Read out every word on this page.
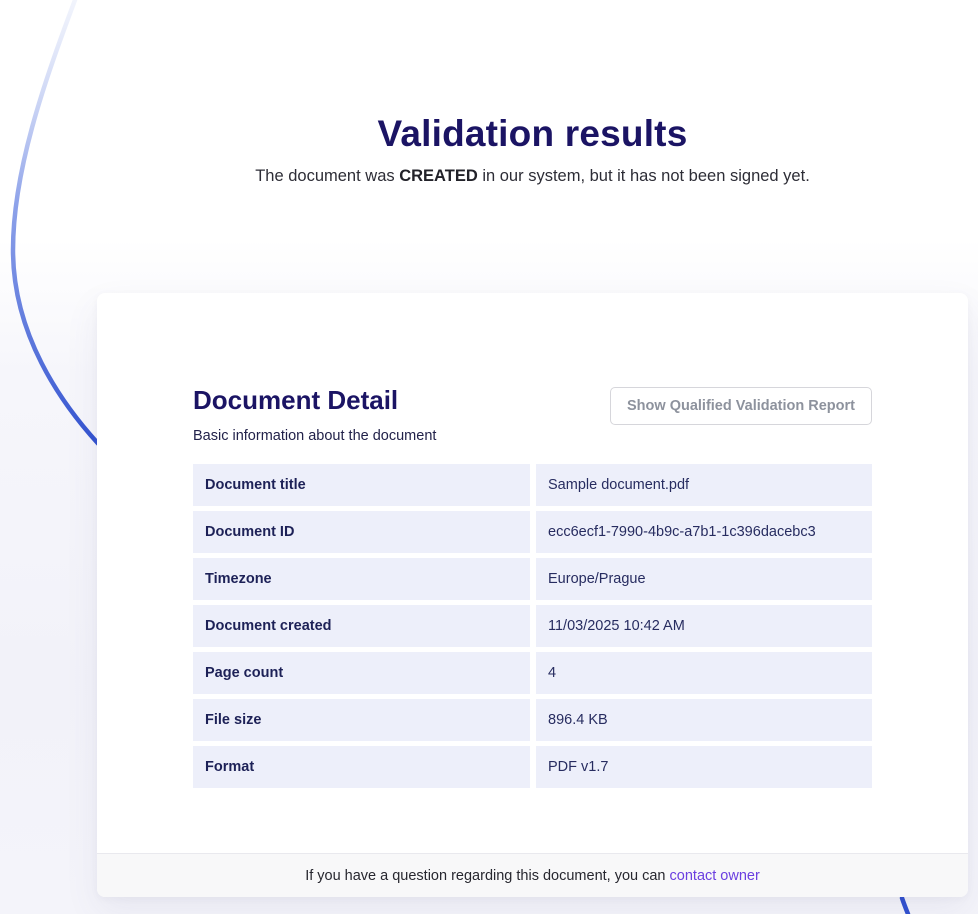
Validation results

The document was CREATED in our system, but it has not been signed yet.

Document Detail

Basic information about the document

Show Qualified Validation Report
Document title	Sample document.pdf
Document ID	ecc6ecf1-7990-4b9c-a7b1-1c396dacebc3
Timezone	Europe/Prague
Document created	11/03/2025 10:42 AM
Page count	4
File size	896.4 KB
Format	PDF v1.7
If you have a question regarding this document, you can
contact owner
